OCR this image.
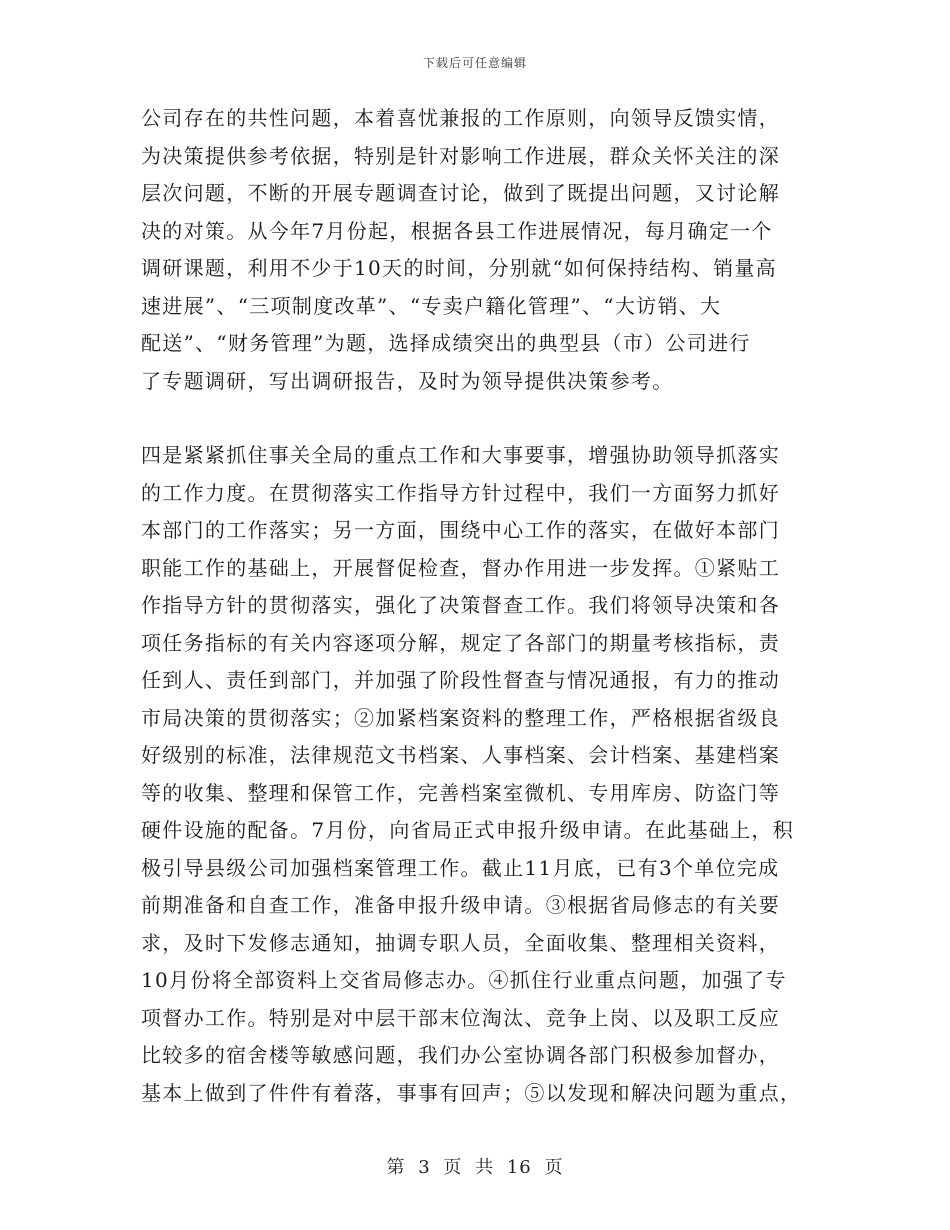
下载后可任意编辑

公司存在的共性问题，本着喜忧兼报的工作原则，向领导反馈实情，
为决策提供参考依据，特别是针对影响工作进展，群众关怀关注的深
层次问题，不断的开展专题调查讨论，做到了既提出问题，又讨论解
决的对策。从今年7月份起，根据各县工作进展情况，每月确定一个
调研课题，利用不少于10天的时间，分别就“如何保持结构、销量高
速进展”、“三项制度改革”、“专卖户籍化管理”、“大访销、大
配送”、“财务管理”为题，选择成绩突出的典型县（市）公司进行
了专题调研，写出调研报告，及时为领导提供决策参考。

四是紧紧抓住事关全局的重点工作和大事要事，增强协助领导抓落实
的工作力度。在贯彻落实工作指导方针过程中，我们一方面努力抓好
本部门的工作落实；另一方面，围绕中心工作的落实，在做好本部门
职能工作的基础上，开展督促检查，督办作用进一步发挥。①紧贴工
作指导方针的贯彻落实，强化了决策督查工作。我们将领导决策和各
项任务指标的有关内容逐项分解，规定了各部门的期量考核指标，责
任到人、责任到部门，并加强了阶段性督查与情况通报，有力的推动
市局决策的贯彻落实；②加紧档案资料的整理工作，严格根据省级良
好级别的标准，法律规范文书档案、人事档案、会计档案、基建档案
等的收集、整理和保管工作，完善档案室微机、专用库房、防盗门等
硬件设施的配备。7月份，向省局正式申报升级申请。在此基础上，积
极引导县级公司加强档案管理工作。截止11月底，已有3个单位完成
前期准备和自查工作，准备申报升级申请。③根据省局修志的有关要
求，及时下发修志通知，抽调专职人员，全面收集、整理相关资料，
10月份将全部资料上交省局修志办。④抓住行业重点问题，加强了专
项督办工作。特别是对中层干部末位淘汰、竞争上岗、以及职工反应
比较多的宿舍楼等敏感问题，我们办公室协调各部门积极参加督办，
基本上做到了件件有着落，事事有回声；⑤以发现和解决问题为重点，

第 3 页 共 16 页
